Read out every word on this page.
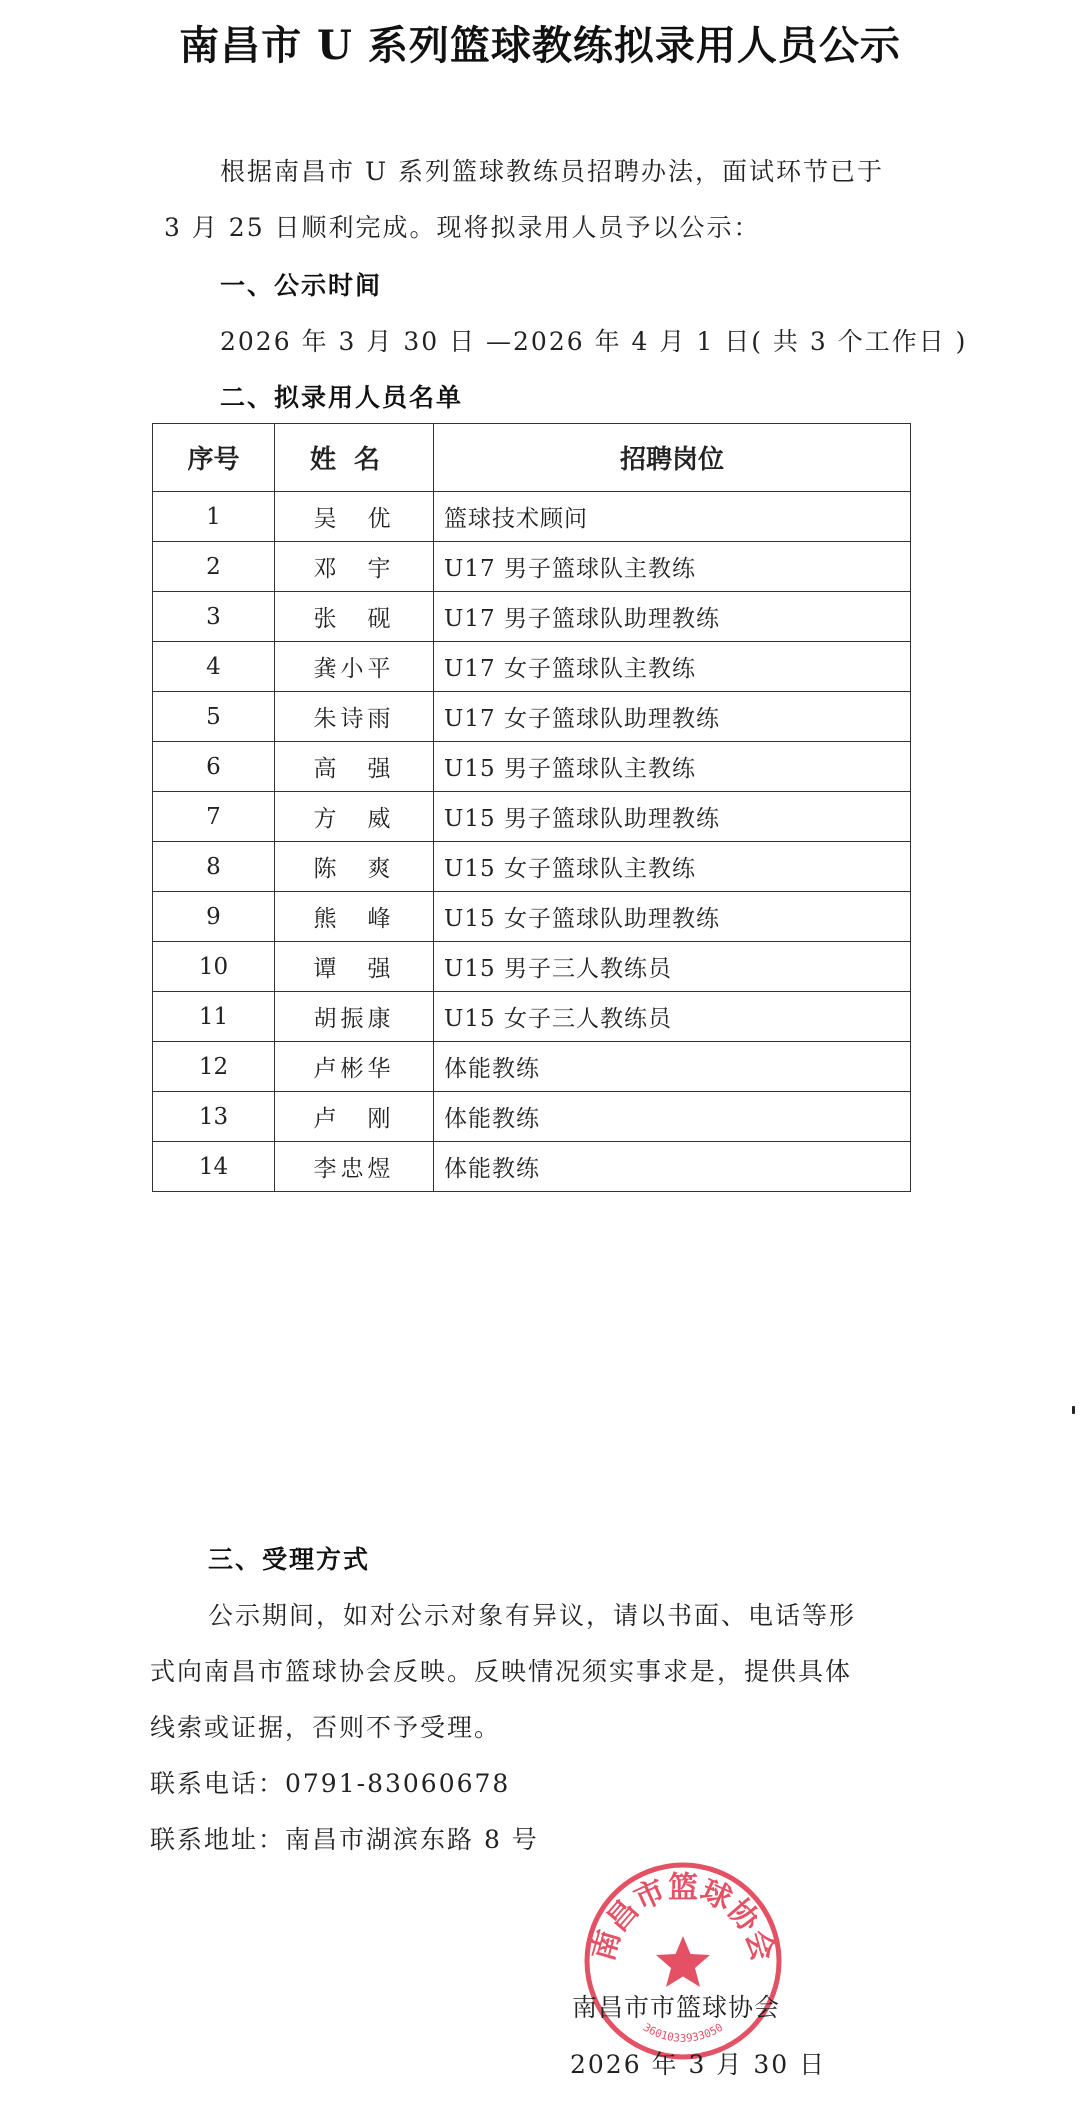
南昌市 U 系列篮球教练拟录用人员公示
根据南昌市 U 系列篮球教练员招聘办法，面试环节已于
3 月 25 日顺利完成。现将拟录用人员予以公示：
一、公示时间
2026 年 3 月 30 日 —2026 年 4 月 1 日( 共 3 个工作日 )
二、拟录用人员名单
序号	姓名	招聘岗位
1	吴　优	篮球技术顾问
2	邓　宇	U17 男子篮球队主教练
3	张　砚	U17 男子篮球队助理教练
4	龚小平	U17 女子篮球队主教练
5	朱诗雨	U17 女子篮球队助理教练
6	高　强	U15 男子篮球队主教练
7	方　威	U15 男子篮球队助理教练
8	陈　爽	U15 女子篮球队主教练
9	熊　峰	U15 女子篮球队助理教练
10	谭　强	U15 男子三人教练员
11	胡振康	U15 女子三人教练员
12	卢彬华	体能教练
13	卢　刚	体能教练
14	李忠煜	体能教练
三、受理方式
公示期间，如对公示对象有异议，请以书面、电话等形
式向南昌市篮球协会反映。反映情况须实事求是，提供具体
线索或证据，否则不予受理。
联系电话：0791-83060678
联系地址：南昌市湖滨东路 8 号
南昌市篮球协会
3601033933050
南昌市市篮球协会
2026 年 3 月 30 日
